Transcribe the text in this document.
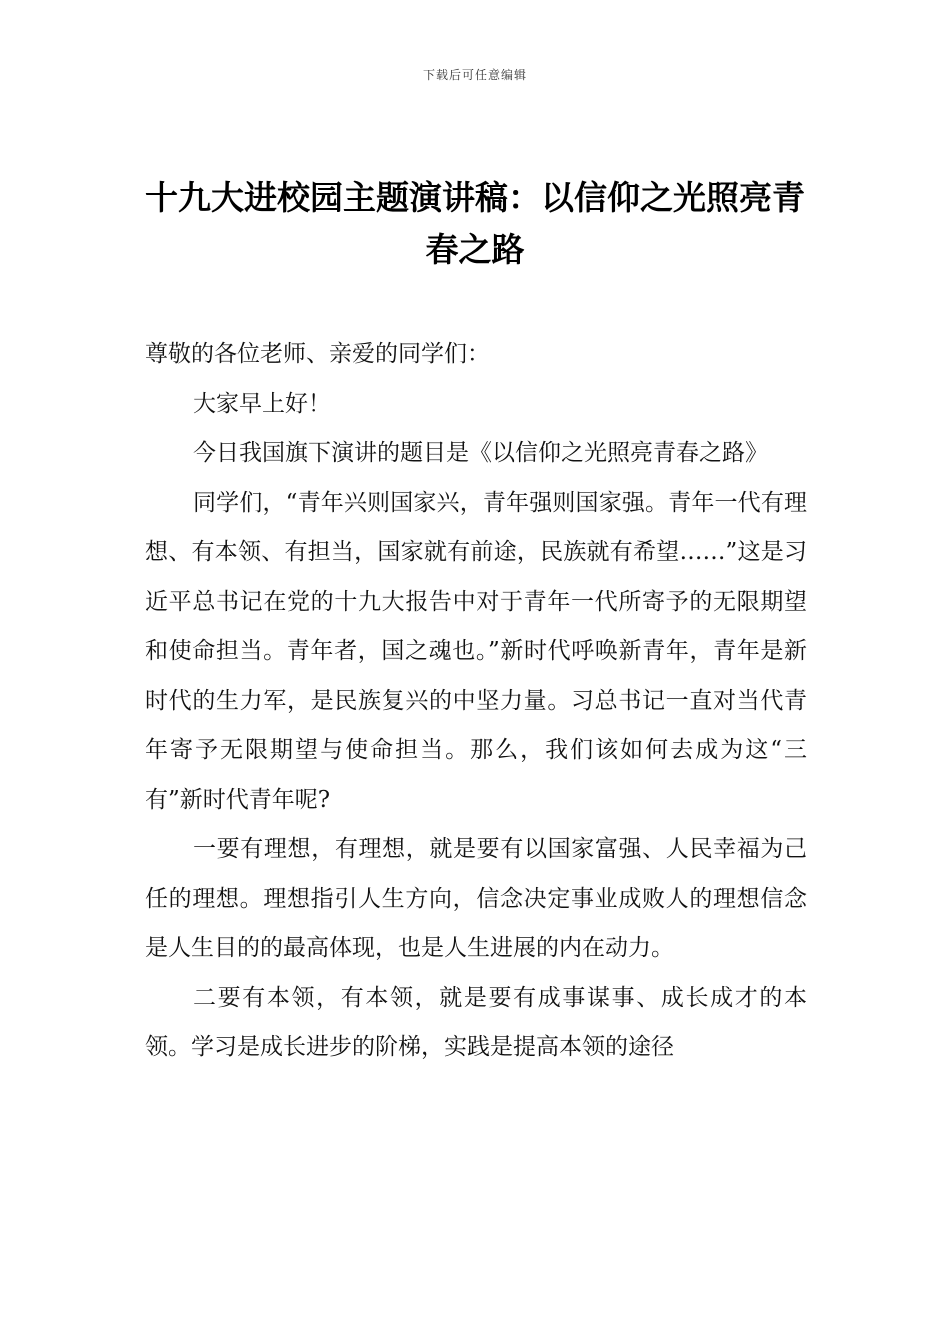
下载后可任意编辑
十九大进校园主题演讲稿：以信仰之光照亮青春之路

尊敬的各位老师、亲爱的同学们：

大家早上好！

今日我国旗下演讲的题目是《以信仰之光照亮青春之路》

同学们，“青年兴则国家兴，青年强则国家强。青年一代有理想、有本领、有担当，国家就有前途，民族就有希望……”这是习近平总书记在党的十九大报告中对于青年一代所寄予的无限期望和使命担当。青年者，国之魂也。”新时代呼唤新青年，青年是新时代的生力军，是民族复兴的中坚力量。习总书记一直对当代青年寄予无限期望与使命担当。那么，我们该如何去成为这“三有”新时代青年呢?

一要有理想，有理想，就是要有以国家富强、人民幸福为己任的理想。理想指引人生方向，信念决定事业成败人的理想信念是人生目的的最高体现，也是人生进展的内在动力。

二要有本领，有本领，就是要有成事谋事、成长成才的本领。学习是成长进步的阶梯，实践是提高本领的途径
